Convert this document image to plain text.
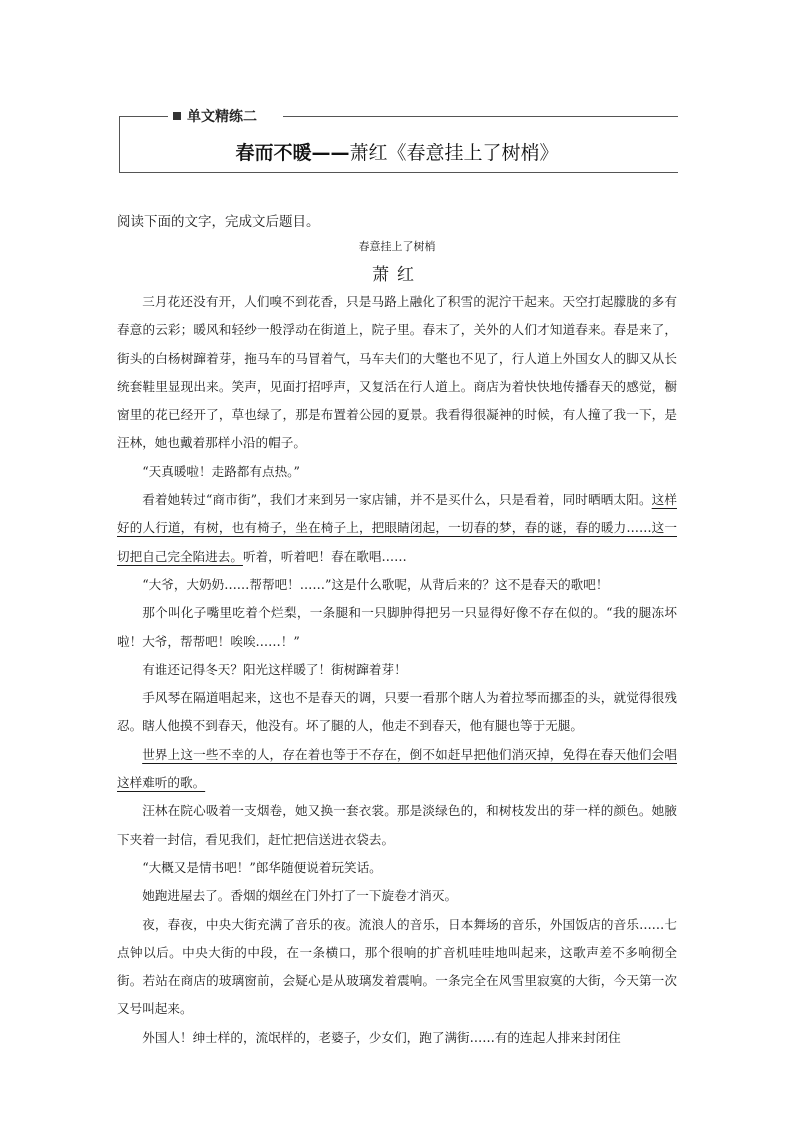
单文精练二
春而不暖——萧红《春意挂上了树梢》
阅读下面的文字，完成文后题目。
春意挂上了树梢
萧红

三月花还没有开，人们嗅不到花香，只是马路上融化了积雪的泥泞干起来。天空打起朦胧的多有春意的云彩；暖风和轻纱一般浮动在街道上，院子里。春末了，关外的人们才知道春来。春是来了，街头的白杨树蹿着芽，拖马车的马冒着气，马车夫们的大氅也不见了，行人道上外国女人的脚又从长统套鞋里显现出来。笑声，见面打招呼声，又复活在行人道上。商店为着快快地传播春天的感觉，橱窗里的花已经开了，草也绿了，那是布置着公园的夏景。我看得很凝神的时候，有人撞了我一下，是汪林，她也戴着那样小沿的帽子。

“天真暖啦！走路都有点热。”

看着她转过“商市街”，我们才来到另一家店铺，并不是买什么，只是看着，同时晒晒太阳。这样好的人行道，有树，也有椅子，坐在椅子上，把眼睛闭起，一切春的梦，春的谜，春的暖力……这一切把自己完全陷进去。听着，听着吧！春在歌唱……

“大爷，大奶奶……帮帮吧！……”这是什么歌呢，从背后来的？这不是春天的歌吧！

那个叫化子嘴里吃着个烂梨，一条腿和一只脚肿得把另一只显得好像不存在似的。“我的腿冻坏啦！大爷，帮帮吧！唉唉……！”

有谁还记得冬天？阳光这样暖了！街树蹿着芽！

手风琴在隔道唱起来，这也不是春天的调，只要一看那个瞎人为着拉琴而挪歪的头，就觉得很残忍。瞎人他摸不到春天，他没有。坏了腿的人，他走不到春天，他有腿也等于无腿。

世界上这一些不幸的人，存在着也等于不存在，倒不如赶早把他们消灭掉，免得在春天他们会唱这样难听的歌。

汪林在院心吸着一支烟卷，她又换一套衣裳。那是淡绿色的，和树枝发出的芽一样的颜色。她腋下夹着一封信，看见我们，赶忙把信送进衣袋去。

“大概又是情书吧！”郎华随便说着玩笑话。

她跑进屋去了。香烟的烟丝在门外打了一下旋卷才消灭。

夜，春夜，中央大街充满了音乐的夜。流浪人的音乐，日本舞场的音乐，外国饭店的音乐……七点钟以后。中央大街的中段，在一条横口，那个很响的扩音机哇哇地叫起来，这歌声差不多响彻全街。若站在商店的玻璃窗前，会疑心是从玻璃发着震响。一条完全在风雪里寂寞的大街，今天第一次又号叫起来。

外国人！绅士样的，流氓样的，老婆子，少女们，跑了满街……有的连起人排来封闭住
